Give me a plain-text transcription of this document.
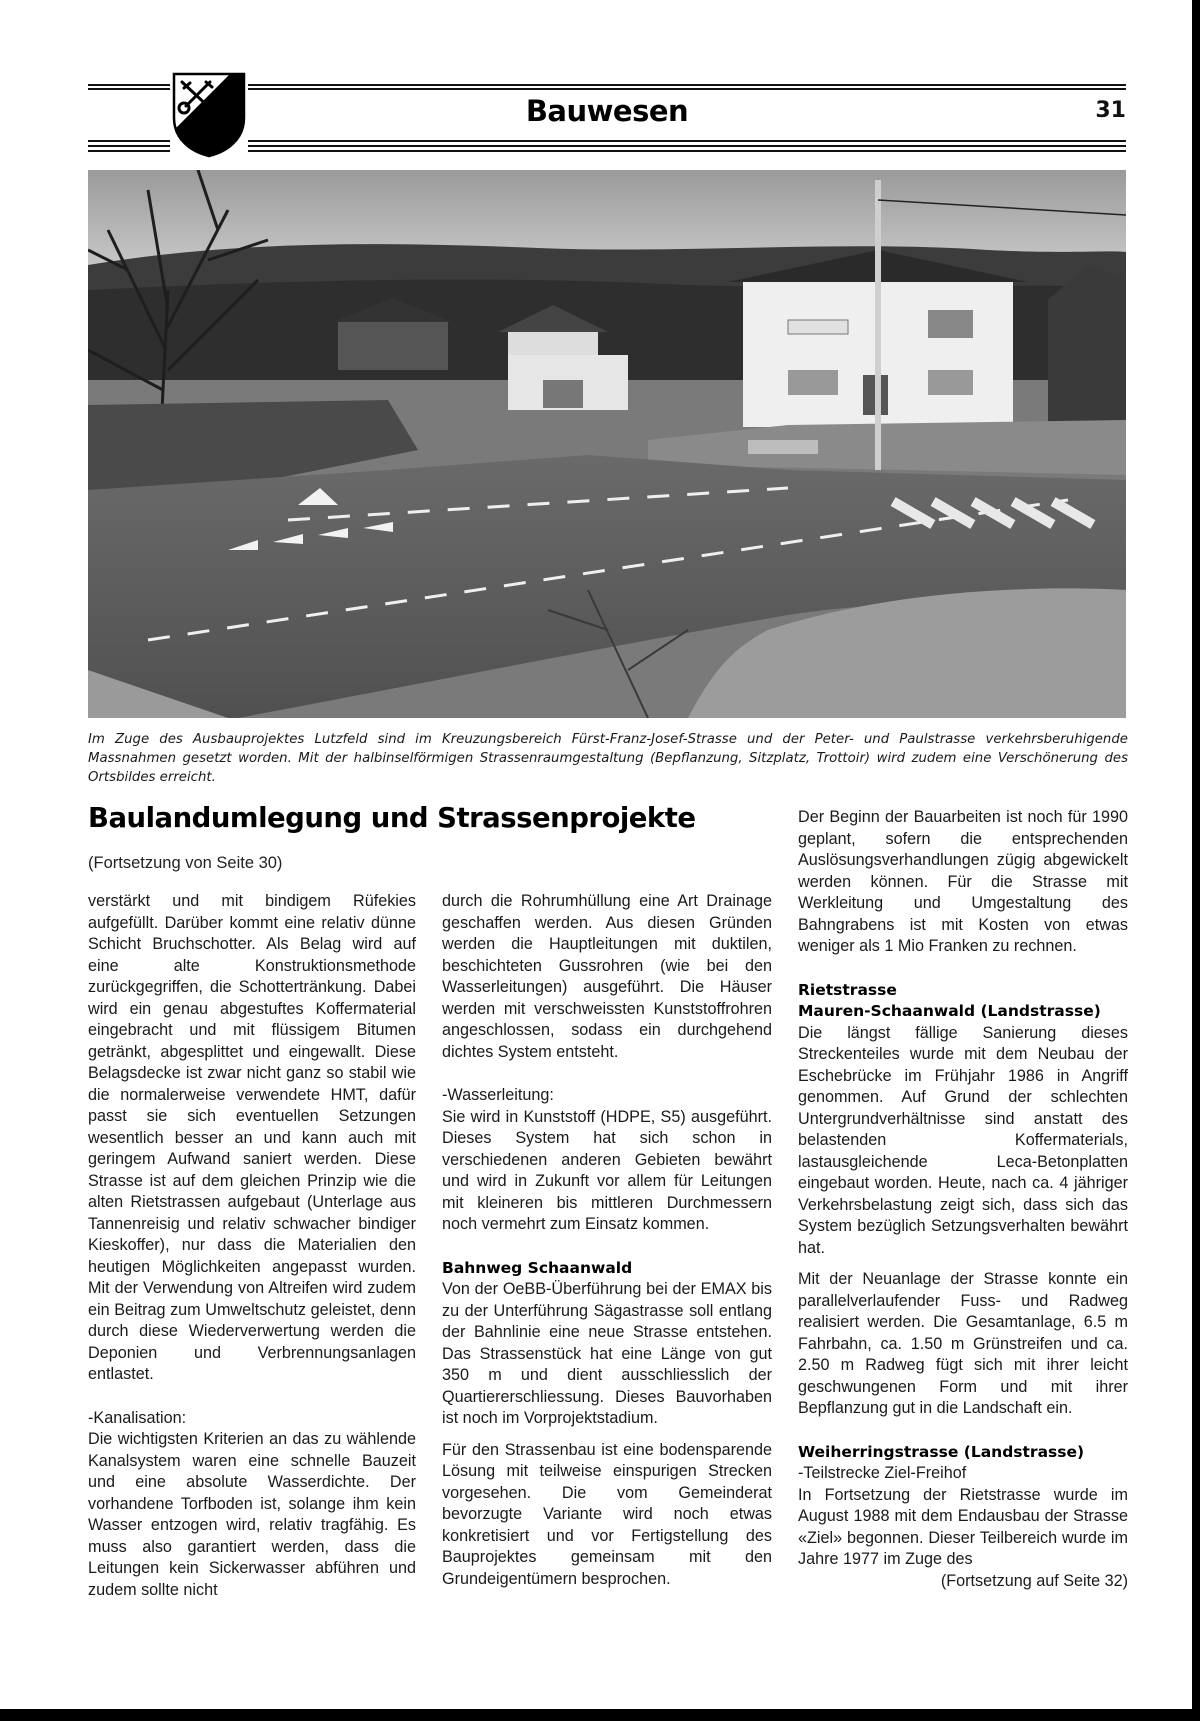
Bauwesen	31
Im Zuge des Ausbauprojektes Lutzfeld sind im Kreuzungsbereich Fürst-Franz-Josef-Strasse und der Peter- und Paulstrasse verkehrsberuhigende Massnahmen gesetzt worden. Mit der halbinselförmigen Strassenraumgestaltung (Bepflanzung, Sitzplatz, Trottoir) wird zudem eine Verschönerung des Ortsbildes erreicht.
Baulandumlegung und Strassenprojekte
(Fortsetzung von Seite 30)

verstärkt und mit bindigem Rüfekies aufgefüllt. Darüber kommt eine relativ dünne Schicht Bruchschotter. Als Belag wird auf eine alte Konstruktionsmethode zurückgegriffen, die Schottertränkung. Dabei wird ein genau abgestuftes Koffermaterial eingebracht und mit flüssigem Bitumen getränkt, abgesplittet und eingewallt. Diese Belagsdecke ist zwar nicht ganz so stabil wie die normalerweise verwendete HMT, dafür passt sie sich eventuellen Setzungen wesentlich besser an und kann auch mit geringem Aufwand saniert werden. Diese Strasse ist auf dem gleichen Prinzip wie die alten Rietstrassen aufgebaut (Unterlage aus Tannenreisig und relativ schwacher bindiger Kieskoffer), nur dass die Materialien den heutigen Möglichkeiten angepasst wurden. Mit der Verwendung von Altreifen wird zudem ein Beitrag zum Umweltschutz geleistet, denn durch diese Wiederverwertung werden die Deponien und Verbrennungsanlagen entlastet.

-Kanalisation:

Die wichtigsten Kriterien an das zu wählende Kanalsystem waren eine schnelle Bauzeit und eine absolute Wasserdichte. Der vorhandene Torfboden ist, solange ihm kein Wasser entzogen wird, relativ tragfähig. Es muss also garantiert werden, dass die Leitungen kein Sickerwasser abführen und zudem sollte nicht

durch die Rohrumhüllung eine Art Drainage geschaffen werden. Aus diesen Gründen werden die Hauptleitungen mit duktilen, beschichteten Gussrohren (wie bei den Wasserleitungen) ausgeführt. Die Häuser werden mit verschweissten Kunststoffrohren angeschlossen, sodass ein durchgehend dichtes System entsteht.

-Wasserleitung:

Sie wird in Kunststoff (HDPE, S5) ausgeführt. Dieses System hat sich schon in verschiedenen anderen Gebieten bewährt und wird in Zukunft vor allem für Leitungen mit kleineren bis mittleren Durchmessern noch vermehrt zum Einsatz kommen.

Bahnweg Schaanwald

Von der OeBB-Überführung bei der EMAX bis zu der Unterführung Sägastrasse soll entlang der Bahnlinie eine neue Strasse entstehen. Das Strassenstück hat eine Länge von gut 350 m und dient ausschliesslich der Quartiererschliessung. Dieses Bauvorhaben ist noch im Vorprojektstadium.

Für den Strassenbau ist eine bodensparende Lösung mit teilweise einspurigen Strecken vorgesehen. Die vom Gemeinderat bevorzugte Variante wird noch etwas konkretisiert und vor Fertigstellung des Bauprojektes gemeinsam mit den Grundeigentümern besprochen.

Der Beginn der Bauarbeiten ist noch für 1990 geplant, sofern die entsprechenden Auslösungsverhandlungen zügig abgewickelt werden können. Für die Strasse mit Werkleitung und Umgestaltung des Bahngrabens ist mit Kosten von etwas weniger als 1 Mio Franken zu rechnen.

Rietstrasse

Mauren-Schaanwald (Landstrasse)

Die längst fällige Sanierung dieses Streckenteiles wurde mit dem Neubau der Eschebrücke im Frühjahr 1986 in Angriff genommen. Auf Grund der schlechten Untergrundverhältnisse sind anstatt des belastenden Koffermaterials, lastausgleichende Leca-Betonplatten eingebaut worden. Heute, nach ca. 4 jähriger Verkehrsbelastung zeigt sich, dass sich das System bezüglich Setzungsverhalten bewährt hat.

Mit der Neuanlage der Strasse konnte ein parallelverlaufender Fuss- und Radweg realisiert werden. Die Gesamtanlage, 6.5 m Fahrbahn, ca. 1.50 m Grünstreifen und ca. 2.50 m Radweg fügt sich mit ihrer leicht geschwungenen Form und mit ihrer Bepflanzung gut in die Landschaft ein.

Weiherringstrasse (Landstrasse)

-Teilstrecke Ziel-Freihof

In Fortsetzung der Rietstrasse wurde im August 1988 mit dem Endausbau der Strasse «Ziel» begonnen. Dieser Teilbereich wurde im Jahre 1977 im Zuge des

(Fortsetzung auf Seite 32)
